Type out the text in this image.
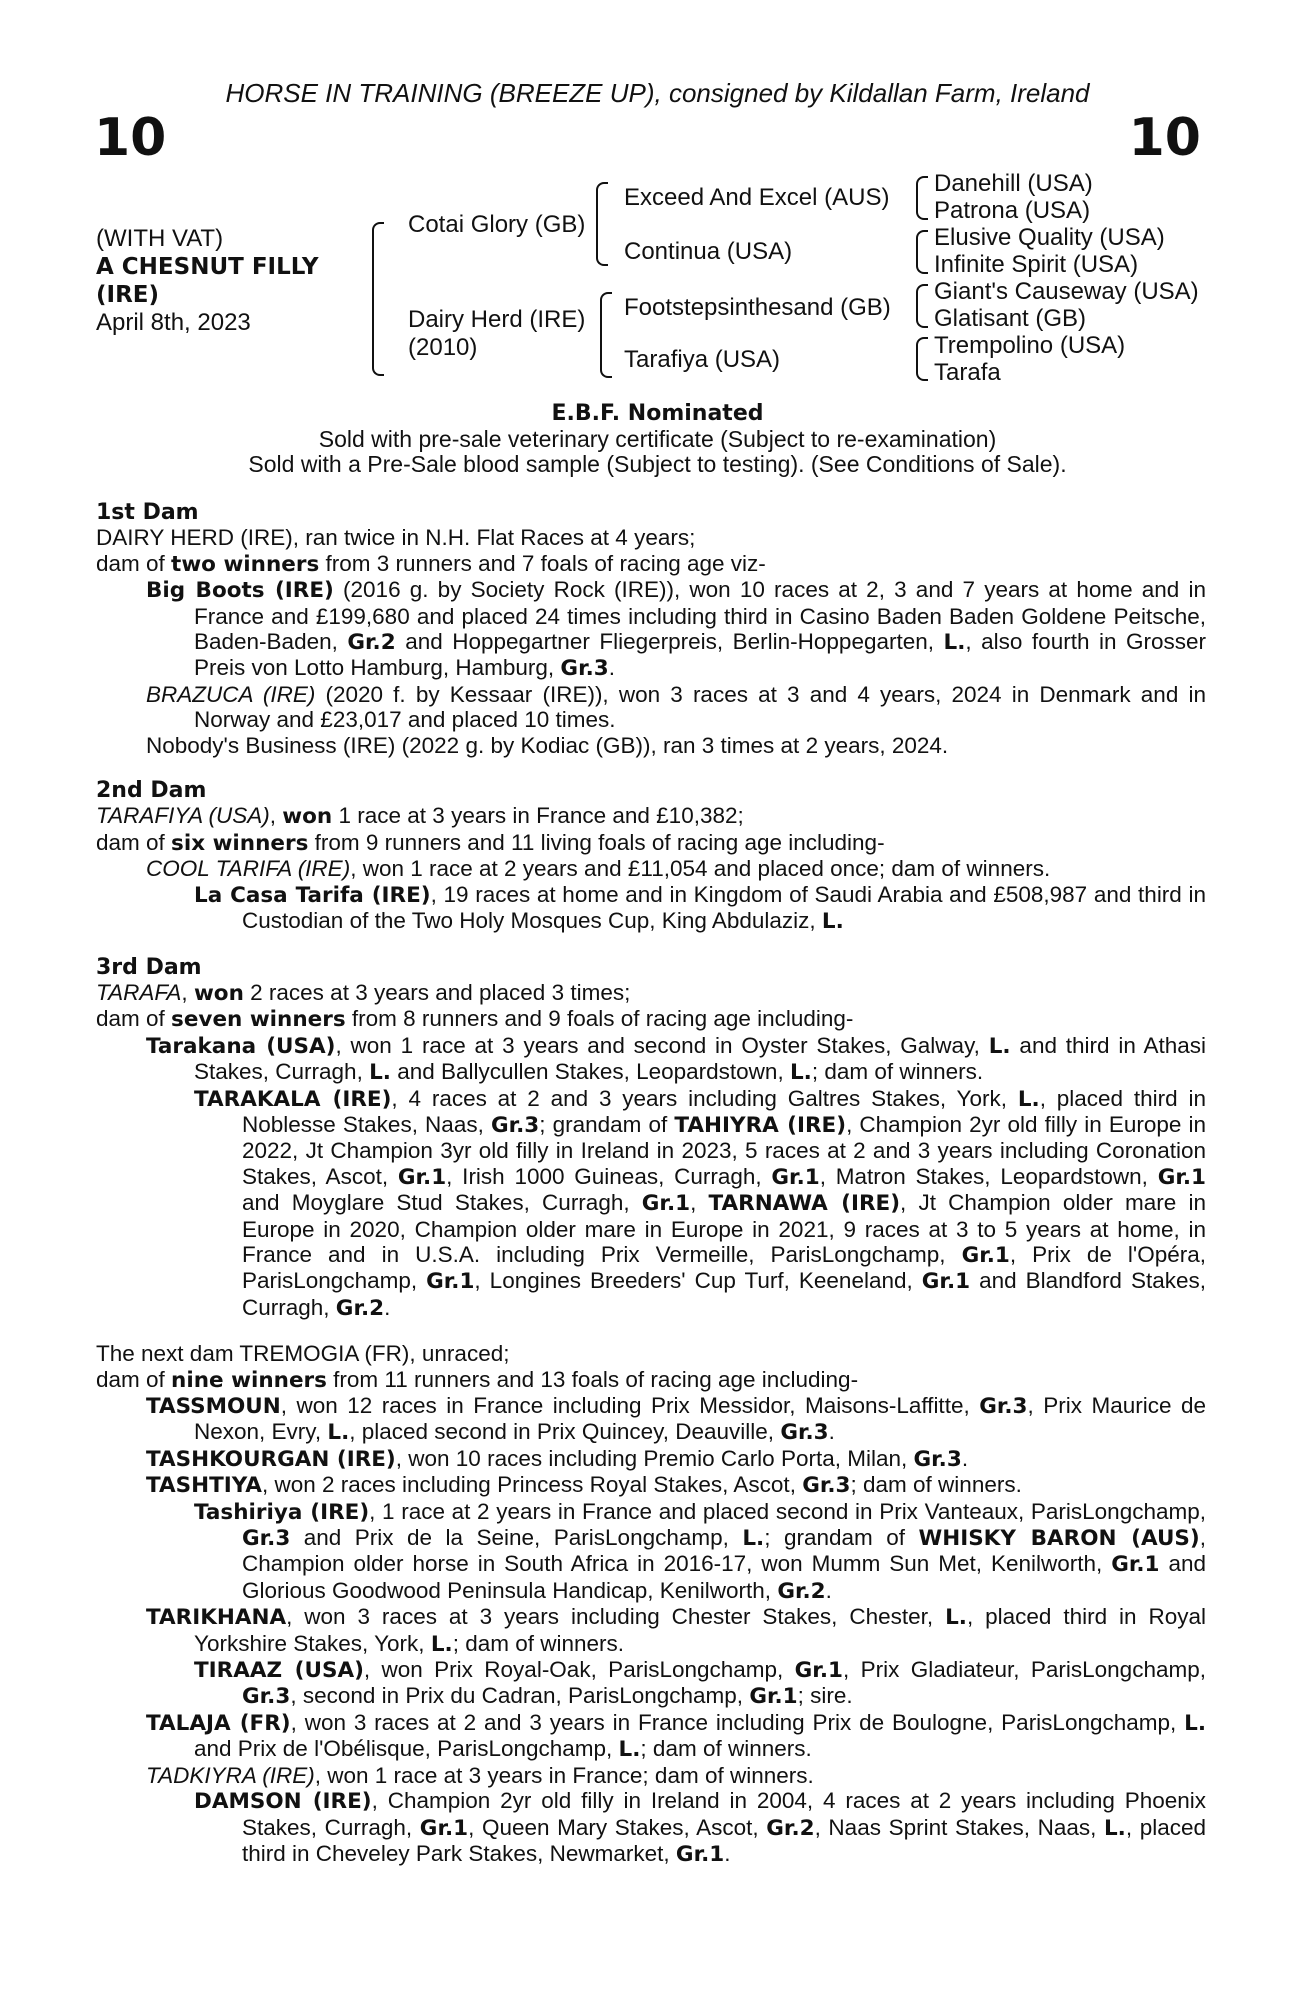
HORSE IN TRAINING (BREEZE UP), consigned by Kildallan Farm, Ireland
10	10
(WITH VAT)
A CHESNUT FILLY
(IRE)
April 8th, 2023
Cotai Glory (GB)
Dairy Herd (IRE)
(2010)
Exceed And Excel (AUS)
Continua (USA)
Footstepsinthesand (GB)
Tarafiya (USA)
Danehill (USA)
Patrona (USA)
Elusive Quality (USA)
Infinite Spirit (USA)
Giant's Causeway (USA)
Glatisant (GB)
Trempolino (USA)
Tarafa
E.B.F. Nominated
Sold with pre-sale veterinary certificate (Subject to re-examination)
Sold with a Pre-Sale blood sample (Subject to testing). (See Conditions of Sale).
1st Dam
DAIRY HERD (IRE), ran twice in N.H. Flat Races at 4 years;
dam of two winners from 3 runners and 7 foals of racing age viz-
Big Boots (IRE) (2016 g. by Society Rock (IRE)), won 10 races at 2, 3 and 7 years at home and in France and £199,680 and placed 24 times including third in Casino Baden Baden Goldene Peitsche, Baden-Baden, Gr.2 and Hoppegartner Fliegerpreis, Berlin-Hoppegarten, L., also fourth in Grosser Preis von Lotto Hamburg, Hamburg, Gr.3.
BRAZUCA (IRE) (2020 f. by Kessaar (IRE)), won 3 races at 3 and 4 years, 2024 in Denmark and in Norway and £23,017 and placed 10 times.
Nobody's Business (IRE) (2022 g. by Kodiac (GB)), ran 3 times at 2 years, 2024.
2nd Dam
TARAFIYA (USA), won 1 race at 3 years in France and £10,382;
dam of six winners from 9 runners and 11 living foals of racing age including-
COOL TARIFA (IRE), won 1 race at 2 years and £11,054 and placed once; dam of winners.
La Casa Tarifa (IRE), 19 races at home and in Kingdom of Saudi Arabia and £508,987 and third in Custodian of the Two Holy Mosques Cup, King Abdulaziz, L.
3rd Dam
TARAFA, won 2 races at 3 years and placed 3 times;
dam of seven winners from 8 runners and 9 foals of racing age including-
Tarakana (USA), won 1 race at 3 years and second in Oyster Stakes, Galway, L. and third in Athasi Stakes, Curragh, L. and Ballycullen Stakes, Leopardstown, L.; dam of winners.
TARAKALA (IRE), 4 races at 2 and 3 years including Galtres Stakes, York, L., placed third in Noblesse Stakes, Naas, Gr.3; grandam of TAHIYRA (IRE), Champion 2yr old filly in Europe in 2022, Jt Champion 3yr old filly in Ireland in 2023, 5 races at 2 and 3 years including Coronation Stakes, Ascot, Gr.1, Irish 1000 Guineas, Curragh, Gr.1, Matron Stakes, Leopardstown, Gr.1 and Moyglare Stud Stakes, Curragh, Gr.1, TARNAWA (IRE), Jt Champion older mare in Europe in 2020, Champion older mare in Europe in 2021, 9 races at 3 to 5 years at home, in France and in U.S.A. including Prix Vermeille, ParisLongchamp, Gr.1, Prix de l'Opéra, ParisLongchamp, Gr.1, Longines Breeders' Cup Turf, Keeneland, Gr.1 and Blandford Stakes, Curragh, Gr.2.
The next dam TREMOGIA (FR), unraced;
dam of nine winners from 11 runners and 13 foals of racing age including-
TASSMOUN, won 12 races in France including Prix Messidor, Maisons-Laffitte, Gr.3, Prix Maurice de Nexon, Evry, L., placed second in Prix Quincey, Deauville, Gr.3.
TASHKOURGAN (IRE), won 10 races including Premio Carlo Porta, Milan, Gr.3.
TASHTIYA, won 2 races including Princess Royal Stakes, Ascot, Gr.3; dam of winners.
Tashiriya (IRE), 1 race at 2 years in France and placed second in Prix Vanteaux, ParisLongchamp, Gr.3 and Prix de la Seine, ParisLongchamp, L.; grandam of WHISKY BARON (AUS), Champion older horse in South Africa in 2016-17, won Mumm Sun Met, Kenilworth, Gr.1 and Glorious Goodwood Peninsula Handicap, Kenilworth, Gr.2.
TARIKHANA, won 3 races at 3 years including Chester Stakes, Chester, L., placed third in Royal Yorkshire Stakes, York, L.; dam of winners.
TIRAAZ (USA), won Prix Royal-Oak, ParisLongchamp, Gr.1, Prix Gladiateur, ParisLongchamp, Gr.3, second in Prix du Cadran, ParisLongchamp, Gr.1; sire.
TALAJA (FR), won 3 races at 2 and 3 years in France including Prix de Boulogne, ParisLongchamp, L. and Prix de l'Obélisque, ParisLongchamp, L.; dam of winners.
TADKIYRA (IRE), won 1 race at 3 years in France; dam of winners.
DAMSON (IRE), Champion 2yr old filly in Ireland in 2004, 4 races at 2 years including Phoenix Stakes, Curragh, Gr.1, Queen Mary Stakes, Ascot, Gr.2, Naas Sprint Stakes, Naas, L., placed third in Cheveley Park Stakes, Newmarket, Gr.1.
